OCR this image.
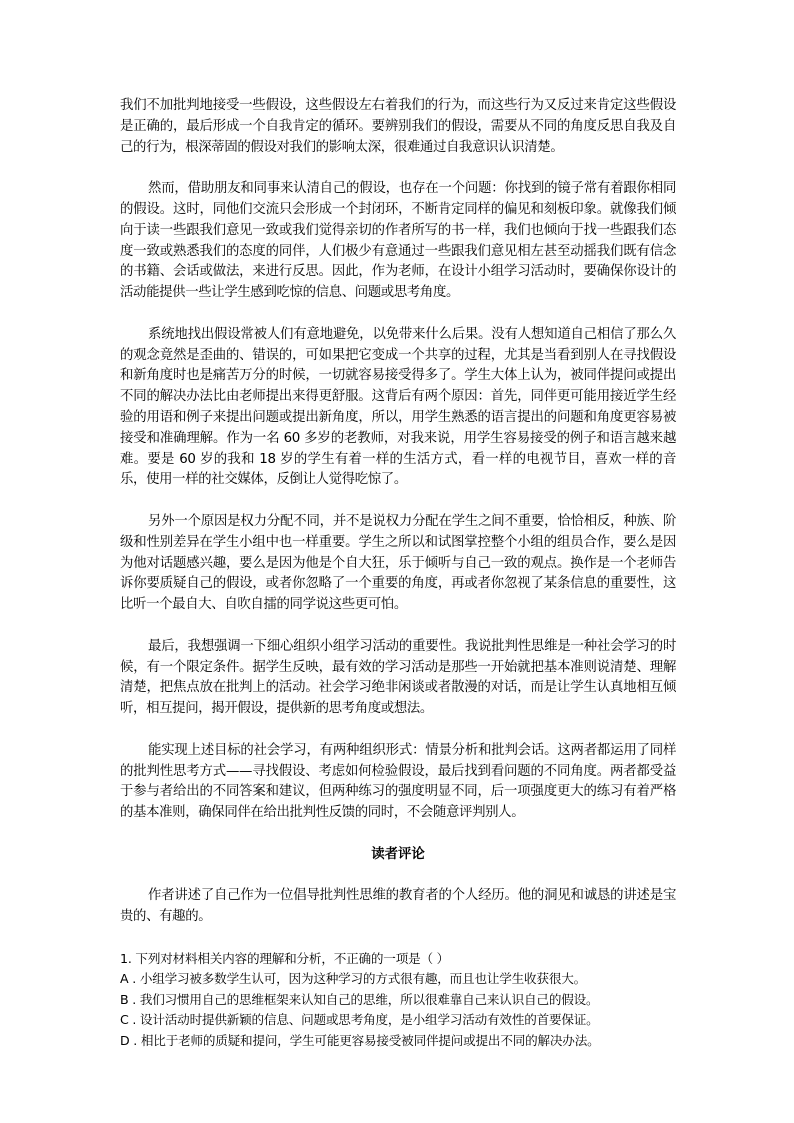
我们不加批判地接受一些假设，这些假设左右着我们的行为，而这些行为又反过来肯定这些假设是正确的，最后形成一个自我肯定的循环。要辨别我们的假设，需要从不同的角度反思自我及自己的行为，根深蒂固的假设对我们的影响太深，很难通过自我意识认识清楚。

然而，借助朋友和同事来认清自己的假设，也存在一个问题：你找到的镜子常有着跟你相同的假设。这时，同他们交流只会形成一个封闭环，不断肯定同样的偏见和刻板印象。就像我们倾向于读一些跟我们意见一致或我们觉得亲切的作者所写的书一样，我们也倾向于找一些跟我们态度一致或熟悉我们的态度的同伴，人们极少有意通过一些跟我们意见相左甚至动摇我们既有信念的书籍、会话或做法，来进行反思。因此，作为老师，在设计小组学习活动时，要确保你设计的活动能提供一些让学生感到吃惊的信息、问题或思考角度。

系统地找出假设常被人们有意地避免，以免带来什么后果。没有人想知道自己相信了那么久的观念竟然是歪曲的、错误的，可如果把它变成一个共享的过程，尤其是当看到别人在寻找假设和新角度时也是痛苦万分的时候，一切就容易接受得多了。学生大体上认为，被同伴提问或提出不同的解决办法比由老师提出来得更舒服。这背后有两个原因：首先，同伴更可能用接近学生经验的用语和例子来提出问题或提出新角度，所以，用学生熟悉的语言提出的问题和角度更容易被接受和准确理解。作为一名 60 多岁的老教师，对我来说，用学生容易接受的例子和语言越来越难。要是 60 岁的我和 18 岁的学生有着一样的生活方式，看一样的电视节目，喜欢一样的音乐，使用一样的社交媒体，反倒让人觉得吃惊了。

另外一个原因是权力分配不同，并不是说权力分配在学生之间不重要，恰恰相反，种族、阶级和性别差异在学生小组中也一样重要。学生之所以和试图掌控整个小组的组员合作，要么是因为他对话题感兴趣，要么是因为他是个自大狂，乐于倾听与自己一致的观点。换作是一个老师告诉你要质疑自己的假设，或者你忽略了一个重要的角度，再或者你忽视了某条信息的重要性，这比听一个最自大、自吹自擂的同学说这些更可怕。

最后，我想强调一下细心组织小组学习活动的重要性。我说批判性思维是一种社会学习的时候，有一个限定条件。据学生反映，最有效的学习活动是那些一开始就把基本准则说清楚、理解清楚，把焦点放在批判上的活动。社会学习绝非闲谈或者散漫的对话，而是让学生认真地相互倾听，相互提问，揭开假设，提供新的思考角度或想法。

能实现上述目标的社会学习，有两种组织形式：情景分析和批判会话。这两者都运用了同样的批判性思考方式——寻找假设、考虑如何检验假设，最后找到看问题的不同角度。两者都受益于参与者给出的不同答案和建议，但两种练习的强度明显不同，后一项强度更大的练习有着严格的基本准则，确保同伴在给出批判性反馈的同时，不会随意评判别人。

读者评论

作者讲述了自己作为一位倡导批判性思维的教育者的个人经历。他的洞见和诚恳的讲述是宝贵的、有趣的。

1. 下列对材料相关内容的理解和分析，不正确的一项是（ ）

A . 小组学习被多数学生认可，因为这种学习的方式很有趣，而且也让学生收获很大。

B . 我们习惯用自己的思维框架来认知自己的思维，所以很难靠自己来认识自己的假设。

C . 设计活动时提供新颖的信息、问题或思考角度，是小组学习活动有效性的首要保证。

D . 相比于老师的质疑和提问，学生可能更容易接受被同伴提问或提出不同的解决办法。
